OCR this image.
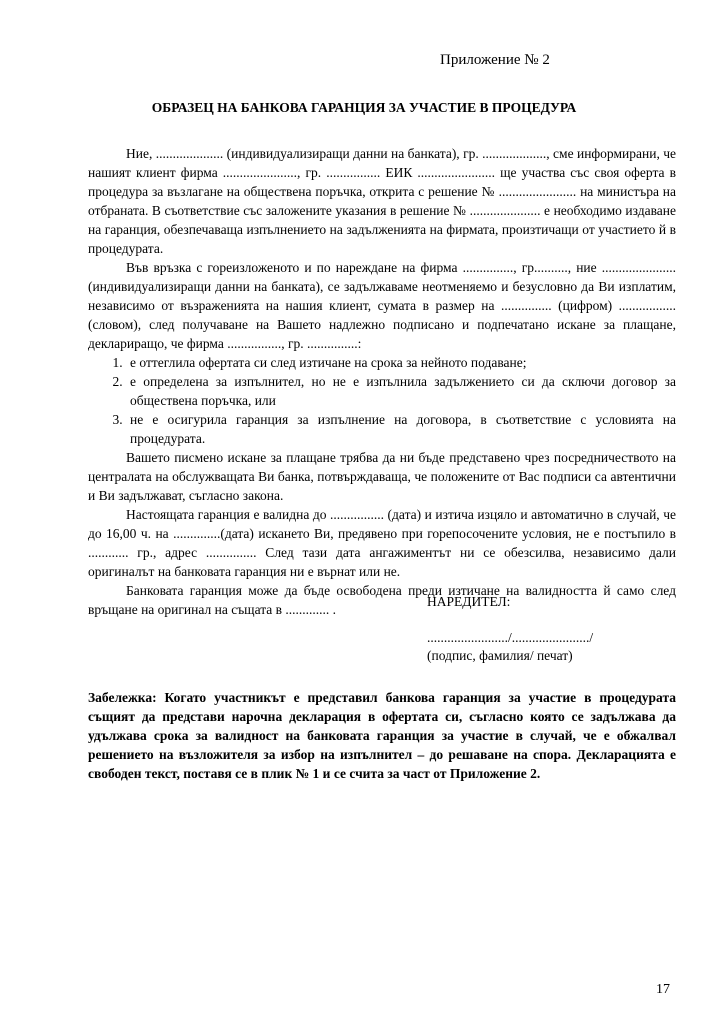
Приложение № 2
ОБРАЗЕЦ НА БАНКОВА ГАРАНЦИЯ ЗА УЧАСТИЕ В ПРОЦЕДУРА

Ние, .................... (индивидуализиращи данни на банката), гр. ..................., сме информирани, че нашият клиент фирма ......................, гр. ................ ЕИК ....................... ще участва със своя оферта в процедура за възлагане на обществена поръчка, открита с решение № ....................... на министъра на отбраната. В съответствие със заложените указания в решение № ..................... е необходимо издаване на гаранция, обезпечаваща изпълнението на задълженията на фирмата, произтичащи от участието й в процедурата.

Във връзка с гореизложеното и по нареждане на фирма ..............., гр.........., ние ...................... (индивидуализиращи данни на банката), се задължаваме неотменяемо и безусловно да Ви изплатим, независимо от възраженията на нашия клиент, сумата в размер на ............... (цифром) ................. (словом), след получаване на Вашето надлежно подписано и подпечатано искане за плащане, деклариращо, че фирма ................, гр. ...............:

1. е оттеглила офертата си след изтичане на срока за нейното подаване;
2. е определена за изпълнител, но не е изпълнила задължението си да сключи договор за обществена поръчка, или
3. не е осигурила гаранция за изпълнение на договора, в съответствие с условията на процедурата.

Вашето писмено искане за плащане трябва да ни бъде представено чрез посредничеството на централата на обслужващата Ви банка, потвърждаваща, че положените от Вас подписи са автентични и Ви задължават, съгласно закона.

Настоящата гаранция е валидна до ................ (дата) и изтича изцяло и автоматично в случай, че до 16,00 ч. на ..............(дата) искането Ви, предявено при горепосочените условия, не е постъпило в ............ гр., адрес ............... След тази дата ангажиментът ни се обезсилва, независимо дали оригиналът на банковата гаранция ни е върнат или не.

Банковата гаранция може да бъде освободена преди изтичане на валидността й само след връщане на оригинал на същата в ............. .

НАРЕДИТЕЛ:
......................../......................./
(подпис, фамилия/ печат)
Забележка: Когато участникът е представил банкова гаранция за участие в процедурата същият да представи нарочна декларация в офертата си, съгласно която се задължава да удължава срока за валидност на банковата гаранция за участие в случай, че е обжалвал решението на възложителя за избор на изпълнител – до решаване на спора. Декларацията е свободен текст, поставя се в плик № 1 и се счита за част от Приложение 2.
17
